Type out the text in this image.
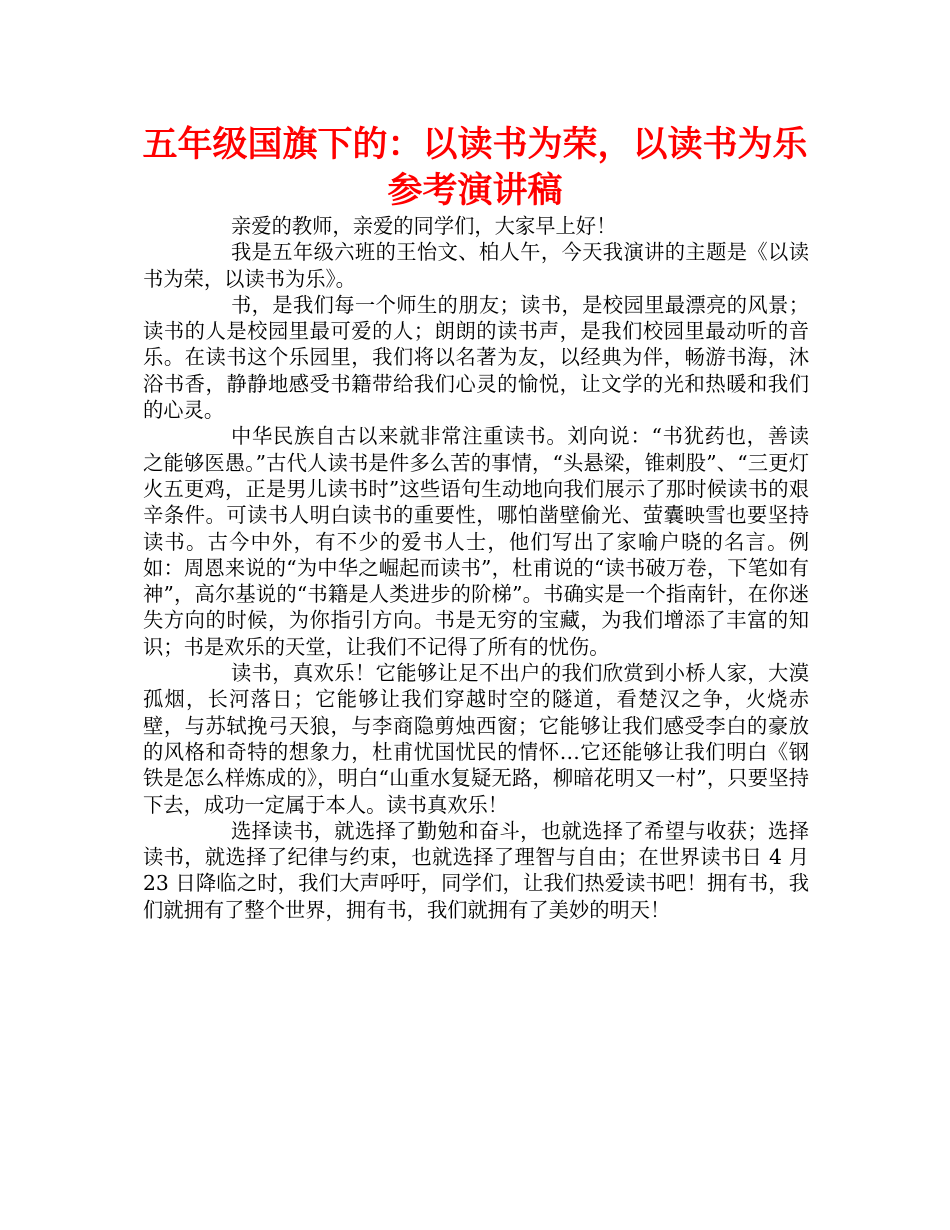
五年级国旗下的：以读书为荣，以读书为乐参考演讲稿

亲爱的教师，亲爱的同学们，大家早上好！

我是五年级六班的王怡文、柏人午，今天我演讲的主题是《以读书为荣，以读书为乐》。

书，是我们每一个师生的朋友；读书，是校园里最漂亮的风景；读书的人是校园里最可爱的人；朗朗的读书声，是我们校园里最动听的音乐。在读书这个乐园里，我们将以名著为友，以经典为伴，畅游书海，沐浴书香，静静地感受书籍带给我们心灵的愉悦，让文学的光和热暖和我们的心灵。

中华民族自古以来就非常注重读书。刘向说：“书犹药也，善读之能够医愚。”古代人读书是件多么苦的事情，“头悬梁，锥刺股”、“三更灯火五更鸡，正是男儿读书时”这些语句生动地向我们展示了那时候读书的艰辛条件。可读书人明白读书的重要性，哪怕凿壁偷光、萤囊映雪也要坚持读书。古今中外，有不少的爱书人士，他们写出了家喻户晓的名言。例如：周恩来说的“为中华之崛起而读书”，杜甫说的“读书破万卷，下笔如有神”，高尔基说的“书籍是人类进步的阶梯”。书确实是一个指南针，在你迷失方向的时候，为你指引方向。书是无穷的宝藏，为我们增添了丰富的知识；书是欢乐的天堂，让我们不记得了所有的忧伤。

读书，真欢乐！它能够让足不出户的我们欣赏到小桥人家，大漠孤烟，长河落日；它能够让我们穿越时空的隧道，看楚汉之争，火烧赤壁，与苏轼挽弓天狼，与李商隐剪烛西窗；它能够让我们感受李白的豪放的风格和奇特的想象力，杜甫忧国忧民的情怀…它还能够让我们明白《钢铁是怎么样炼成的》，明白“山重水复疑无路，柳暗花明又一村”，只要坚持下去，成功一定属于本人。读书真欢乐！

选择读书，就选择了勤勉和奋斗，也就选择了希望与收获；选择读书，就选择了纪律与约束，也就选择了理智与自由；在世界读书日 4 月 23 日降临之时，我们大声呼吁，同学们，让我们热爱读书吧！拥有书，我们就拥有了整个世界，拥有书，我们就拥有了美妙的明天！
